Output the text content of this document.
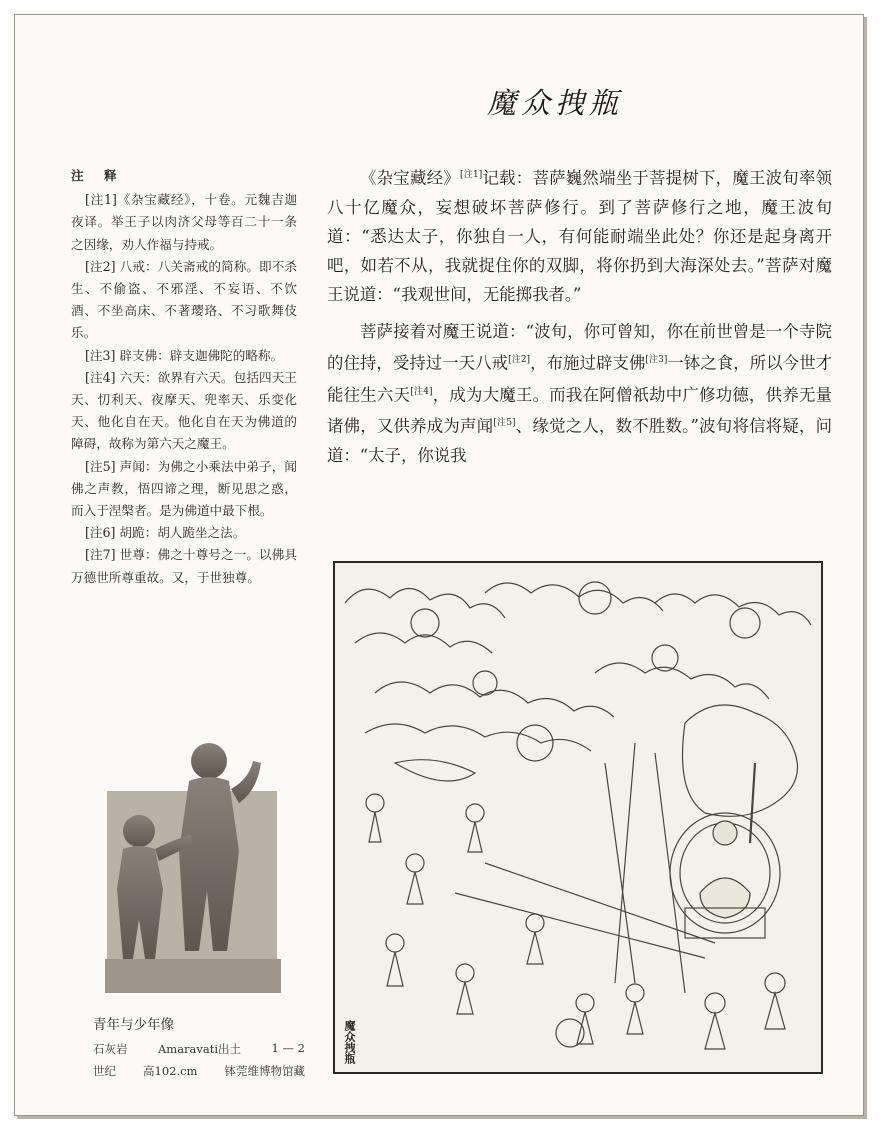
魔众拽瓶
注 释

[注1]《杂宝藏经》，十卷。元魏吉迦夜译。举王子以肉济父母等百二十一条之因缘，劝人作福与持戒。

[注2] 八戒：八关斋戒的简称。即不杀生、不偷盗、不邪淫、不妄语、不饮酒、不坐高床、不著璎珞、不习歌舞伎乐。

[注3] 辟支佛：辟支迦佛陀的略称。

[注4] 六天：欲界有六天。包括四天王天、忉利天、夜摩天、兜率天、乐变化天、他化自在天。他化自在天为佛道的障碍，故称为第六天之魔王。

[注5] 声闻：为佛之小乘法中弟子，闻佛之声教，悟四谛之理，断见思之惑，而入于涅槃者。是为佛道中最下根。

[注6] 胡跪：胡人跪坐之法。

[注7] 世尊：佛之十尊号之一。以佛具万德世所尊重故。又，于世独尊。

《杂宝藏经》[注1]记载：菩萨巍然端坐于菩提树下，魔王波旬率领八十亿魔众，妄想破坏菩萨修行。到了菩萨修行之地，魔王波旬道：“悉达太子，你独自一人，有何能耐端坐此处？你还是起身离开吧，如若不从，我就捉住你的双脚，将你扔到大海深处去。”菩萨对魔王说道：“我观世间，无能掷我者。”

菩萨接着对魔王说道：“波旬，你可曾知，你在前世曾是一个寺院的住持，受持过一天八戒[注2]，布施过辟支佛[注3]一钵之食，所以今世才能往生六天[注4]，成为大魔王。而我在阿僧祇劫中广修功德，供养无量诸佛，又供养成为声闻[注5]、缘觉之人，数不胜数。”波旬将信将疑，问道：“太子，你说我

魔众拽瓶
青年与少年像
石灰岩	Amaravati出土	1 — 2
世纪 高102.cm 钵莞维博物馆藏
